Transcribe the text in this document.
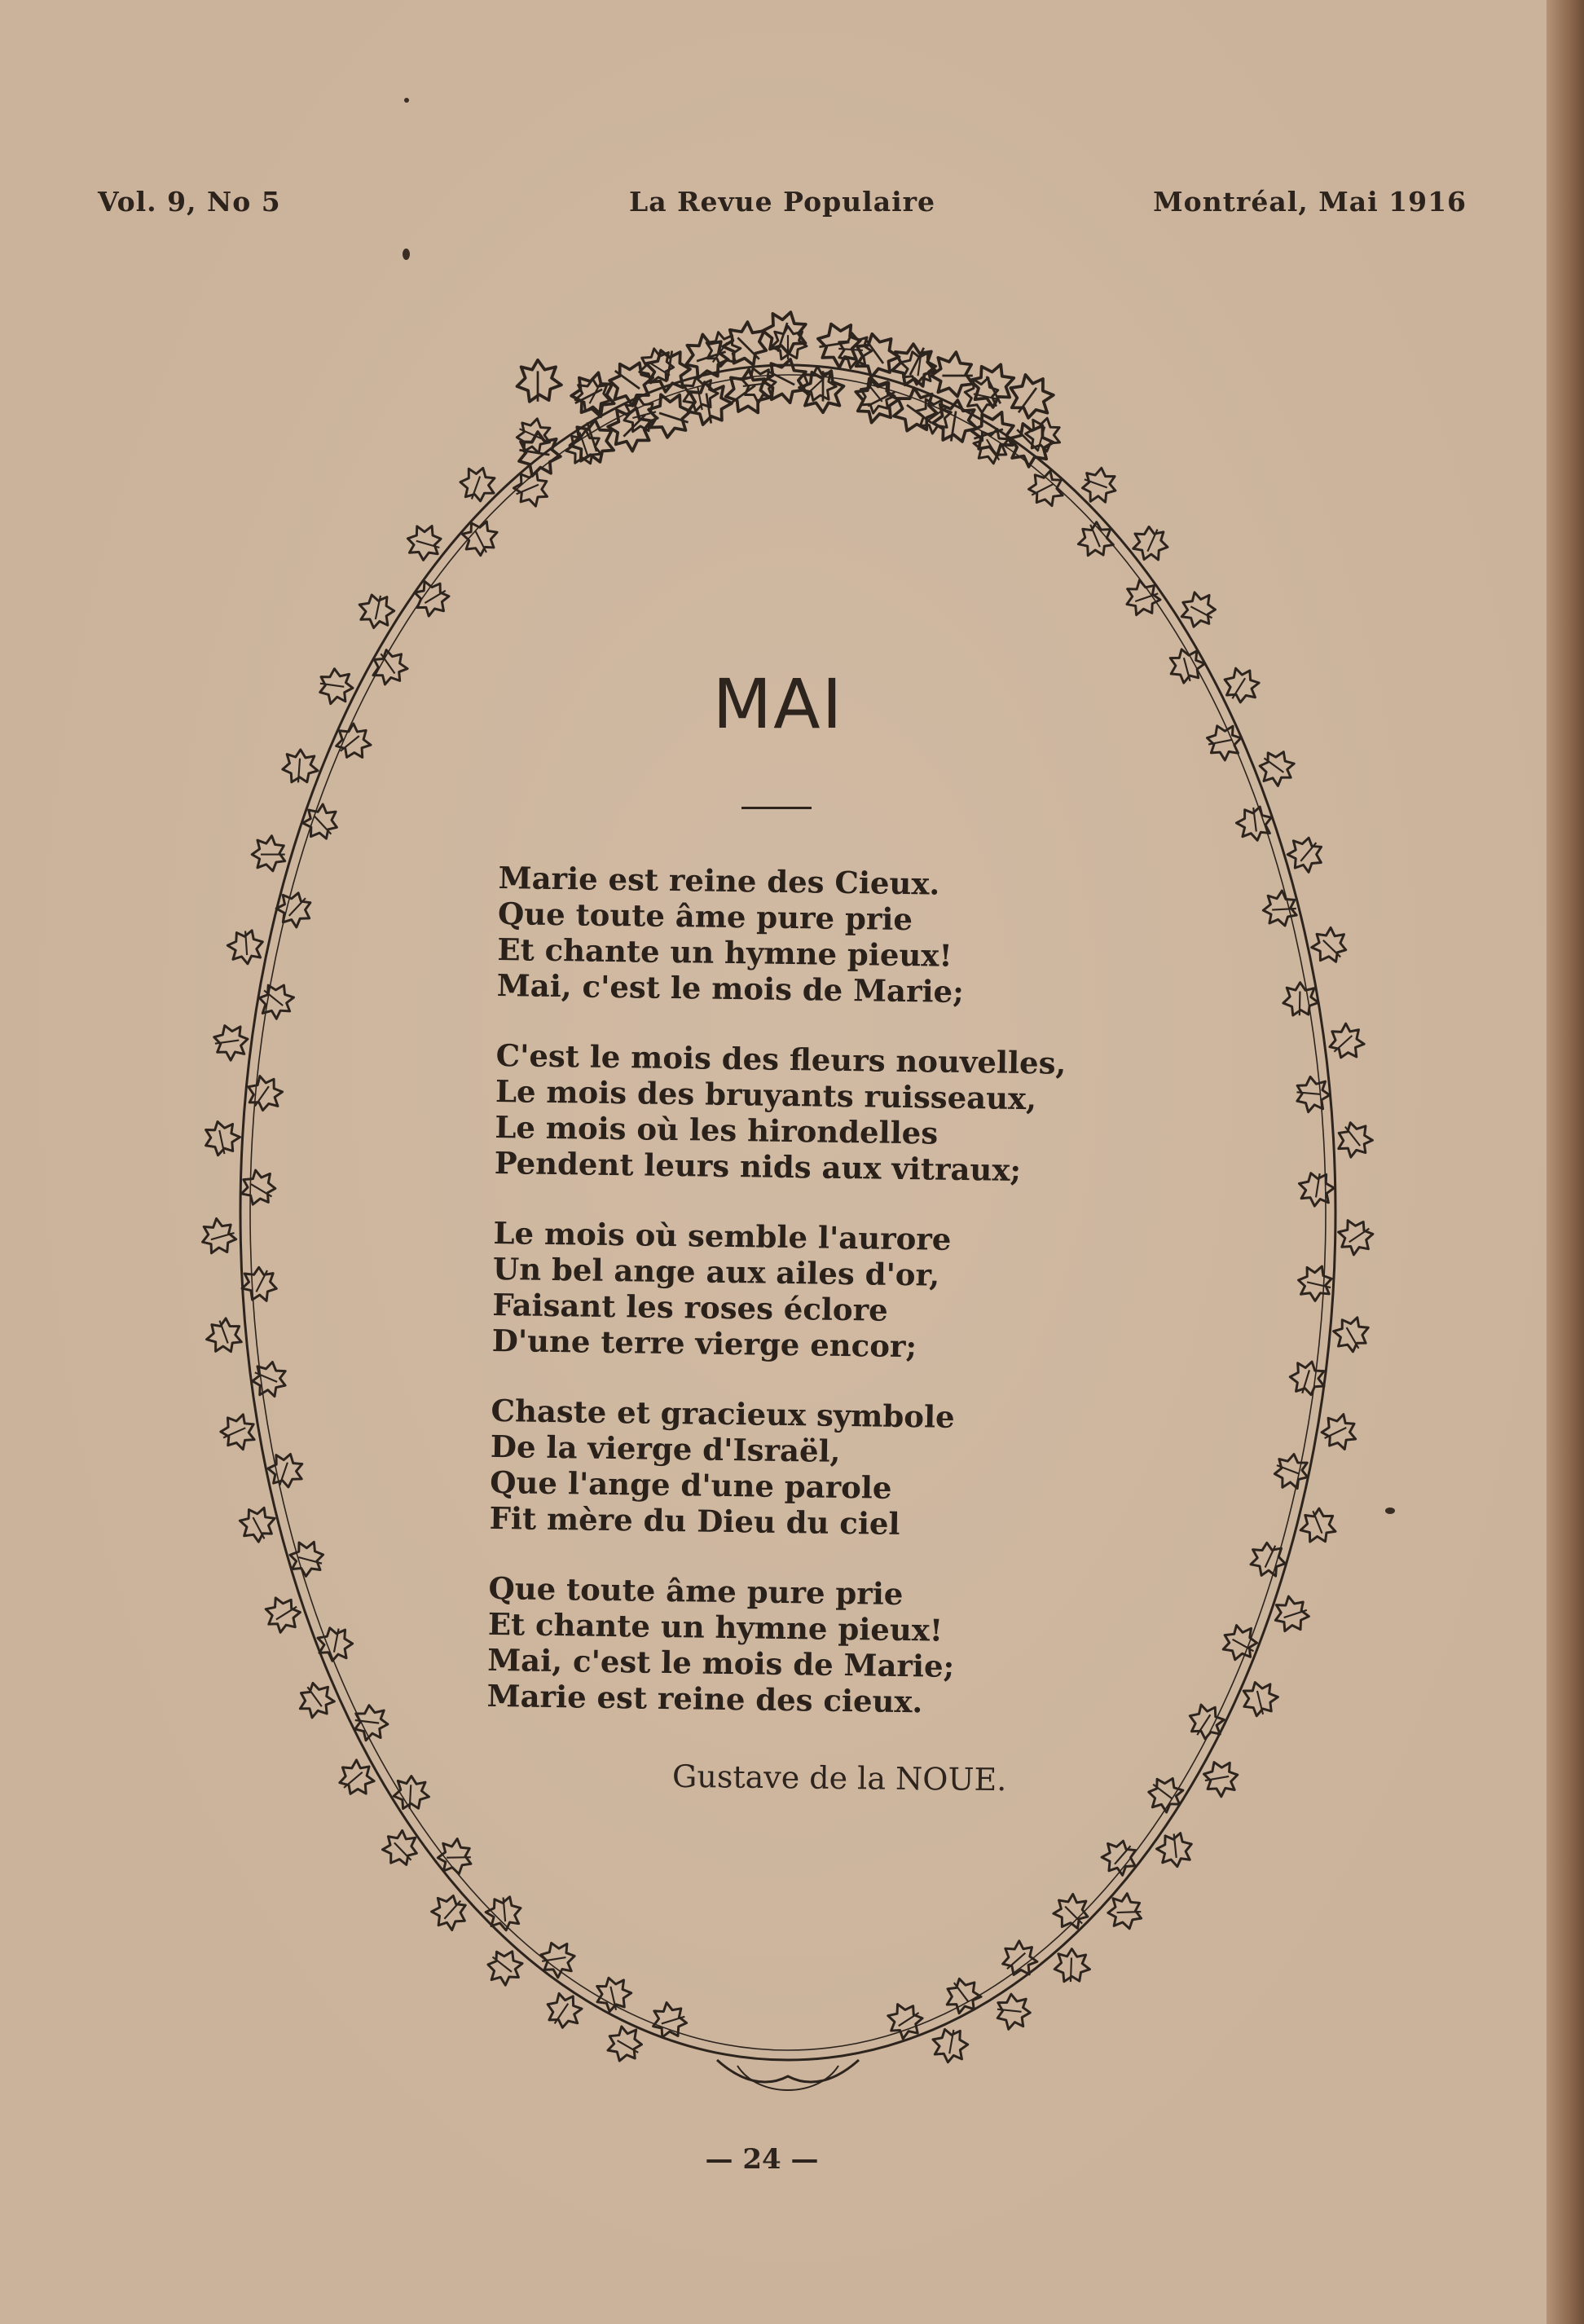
Vol. 9, No 5	La Revue Populaire	Montréal, Mai 1916
MAI
Marie est reine des Cieux.
Que toute âme pure prie
Et chante un hymne pieux!
Mai, c'est le mois de Marie;
C'est le mois des fleurs nouvelles,
Le mois des bruyants ruisseaux,
Le mois où les hirondelles
Pendent leurs nids aux vitraux;
Le mois où semble l'aurore
Un bel ange aux ailes d'or,
Faisant les roses éclore
D'une terre vierge encor;
Chaste et gracieux symbole
De la vierge d'Israël,
Que l'ange d'une parole
Fit mère du Dieu du ciel
Que toute âme pure prie
Et chante un hymne pieux!
Mai, c'est le mois de Marie;
Marie est reine des cieux.
Gustave de la NOUE.
— 24 —
